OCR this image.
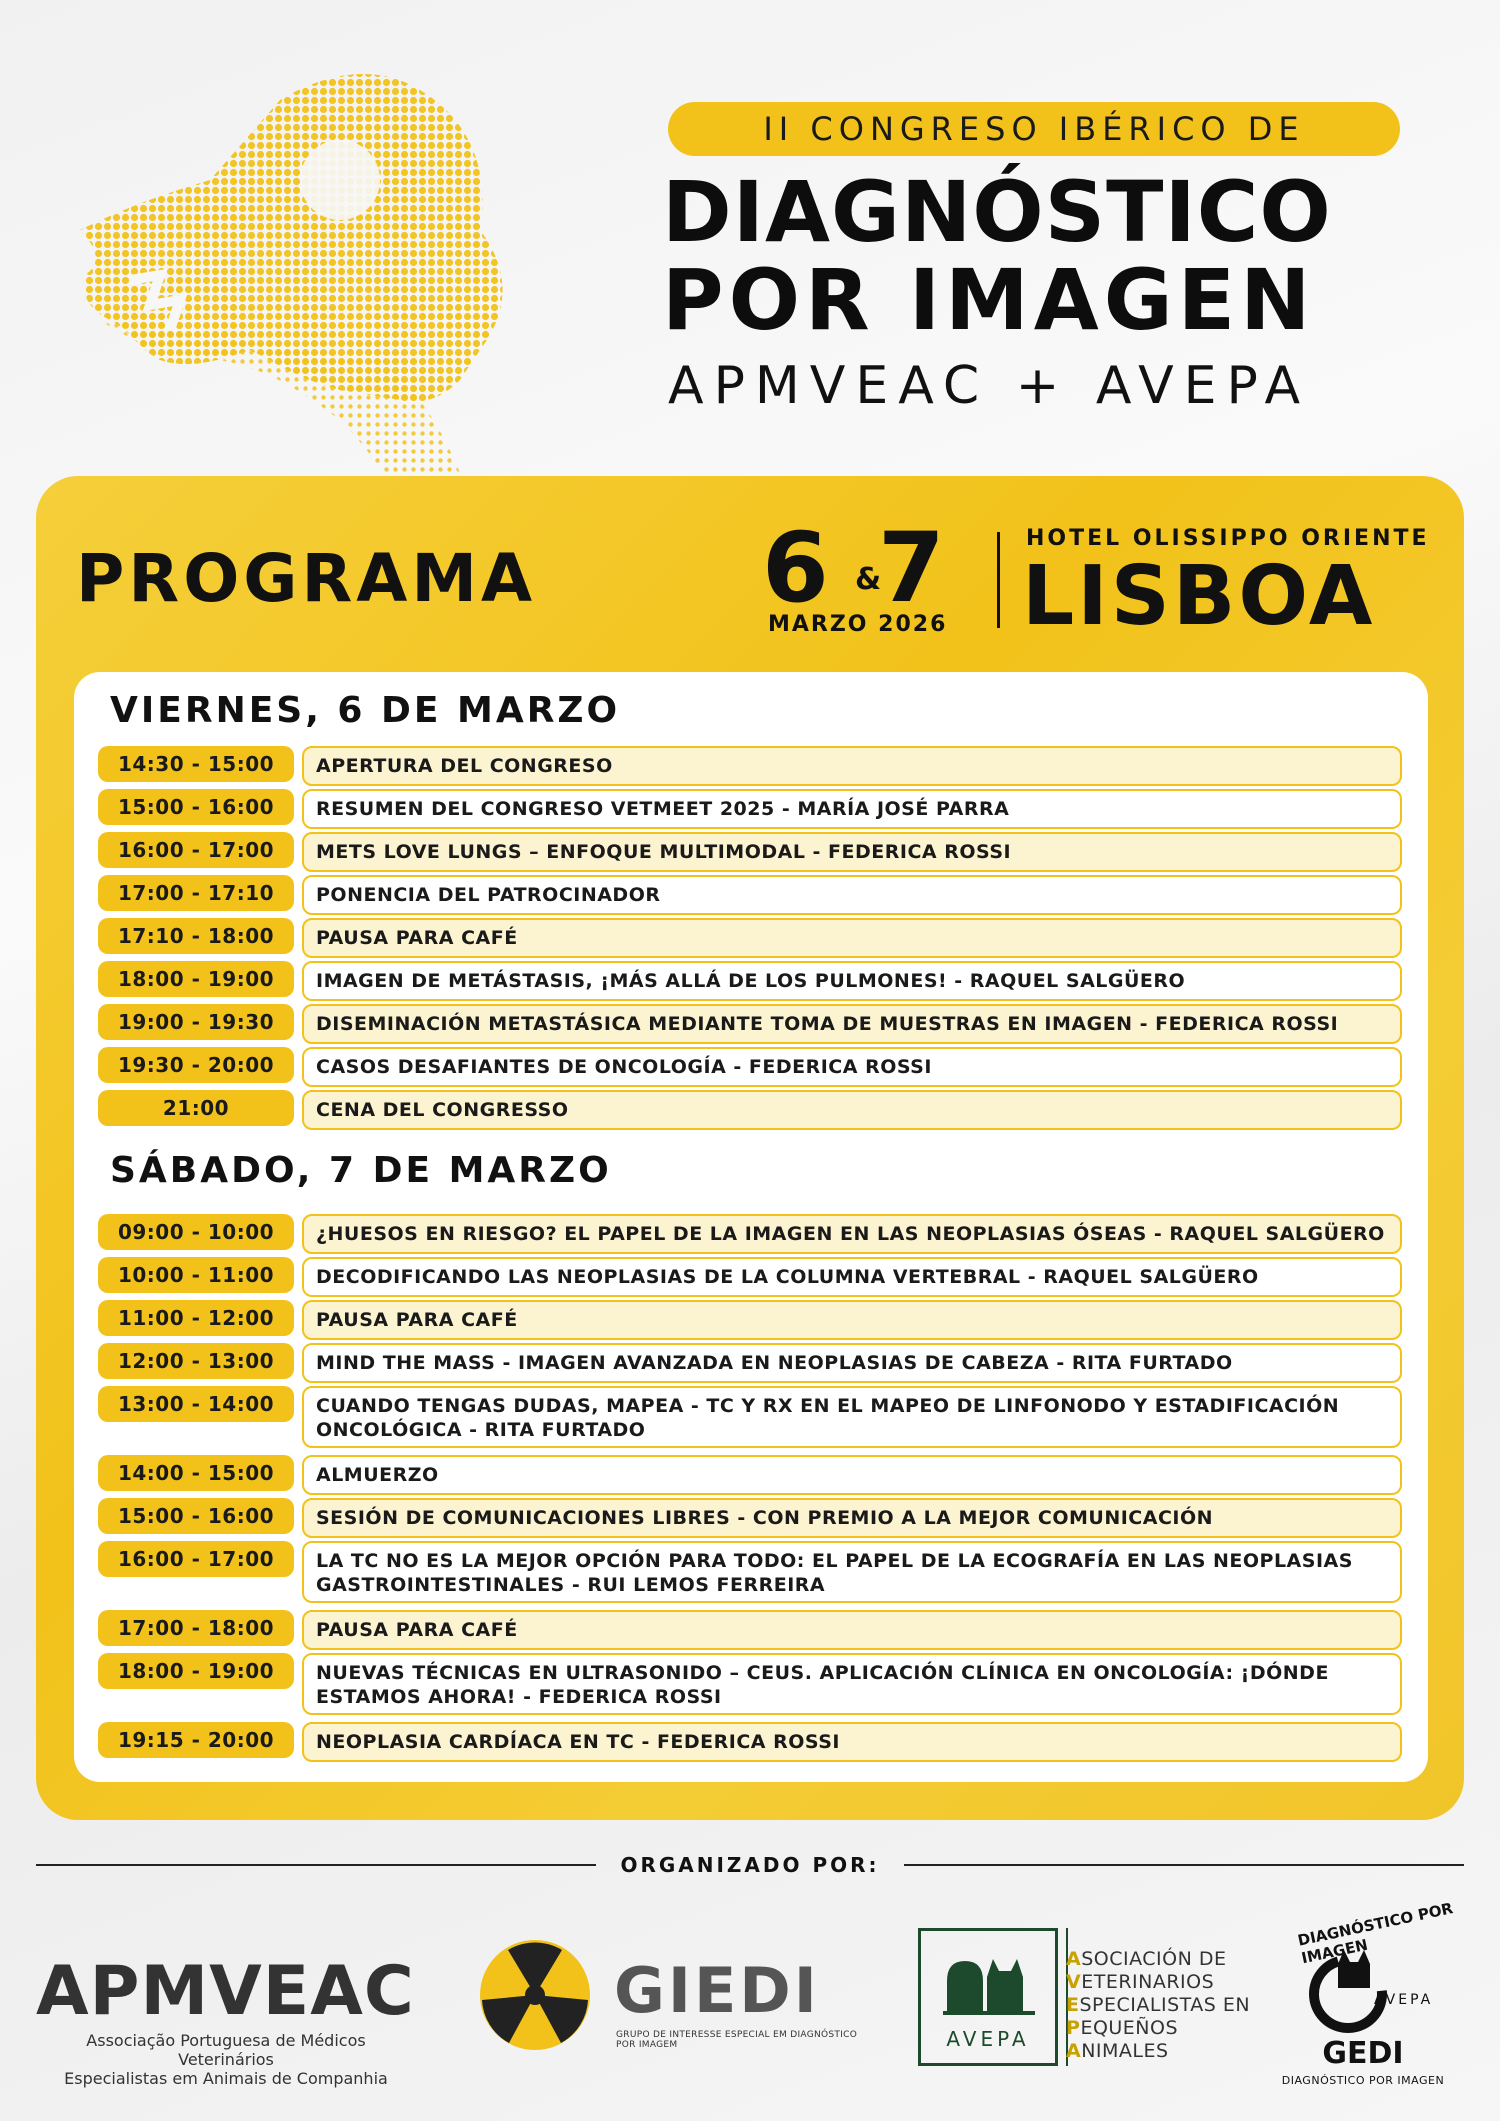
II CONGRESO IBÉRICO DE
DIAGNÓSTICO
POR IMAGEN
APMVEAC + AVEPA
PROGRAMA 6 &
7
MARZO 2026
HOTEL OLISSIPPO ORIENTE
LISBOA
VIERNES, 6 DE MARZO
14:30 - 15:00	APERTURA DEL CONGRESO
15:00 - 16:00	RESUMEN DEL CONGRESO VETMEET 2025 - MARÍA JOSÉ PARRA
16:00 - 17:00	METS LOVE LUNGS – ENFOQUE MULTIMODAL - FEDERICA ROSSI
17:00 - 17:10	PONENCIA DEL PATROCINADOR
17:10 - 18:00	PAUSA PARA CAFÉ
18:00 - 19:00	IMAGEN DE METÁSTASIS, ¡MÁS ALLÁ DE LOS PULMONES! - RAQUEL SALGÜERO
19:00 - 19:30	DISEMINACIÓN METASTÁSICA MEDIANTE TOMA DE MUESTRAS EN IMAGEN - FEDERICA ROSSI
19:30 - 20:00	CASOS DESAFIANTES DE ONCOLOGÍA - FEDERICA ROSSI
21:00	CENA DEL CONGRESSO
SÁBADO, 7 DE MARZO
09:00 - 10:00	¿HUESOS EN RIESGO? EL PAPEL DE LA IMAGEN EN LAS NEOPLASIAS ÓSEAS - RAQUEL SALGÜERO
10:00 - 11:00	DECODIFICANDO LAS NEOPLASIAS DE LA COLUMNA VERTEBRAL - RAQUEL SALGÜERO
11:00 - 12:00	PAUSA PARA CAFÉ
12:00 - 13:00	MIND THE MASS - IMAGEN AVANZADA EN NEOPLASIAS DE CABEZA - RITA FURTADO
13:00 - 14:00	CUANDO TENGAS DUDAS, MAPEA - TC Y RX EN EL MAPEO DE LINFONODO Y ESTADIFICACIÓN ONCOLÓGICA - RITA FURTADO
14:00 - 15:00	ALMUERZO
15:00 - 16:00	SESIÓN DE COMUNICACIONES LIBRES - CON PREMIO A LA MEJOR COMUNICACIÓN
16:00 - 17:00	LA TC NO ES LA MEJOR OPCIÓN PARA TODO: EL PAPEL DE LA ECOGRAFÍA EN LAS NEOPLASIAS GASTROINTESTINALES - RUI LEMOS FERREIRA
17:00 - 18:00	PAUSA PARA CAFÉ
18:00 - 19:00	NUEVAS TÉCNICAS EN ULTRASONIDO – CEUS. APLICACIÓN CLÍNICA EN ONCOLOGÍA: ¡DÓNDE ESTAMOS AHORA! - FEDERICA ROSSI
19:15 - 20:00	NEOPLASIA CARDÍACA EN TC - FEDERICA ROSSI
ORGANIZADO POR:
APMVEAC
Associação Portuguesa de Médicos Veterinários
Especialistas em Animais de Companhia
GIEDI
GRUPO DE INTERESSE ESPECIAL EM DIAGNÓSTICO POR IMAGEM	AVEPA
ASOCIACIÓN DE
VETERINARIOS
ESPECIALISTAS EN
PEQUEÑOS
ANIMALES
DIAGNÓSTICO POR IMAGEN
AVEPA
GEDI
DIAGNÓSTICO POR IMAGEN
